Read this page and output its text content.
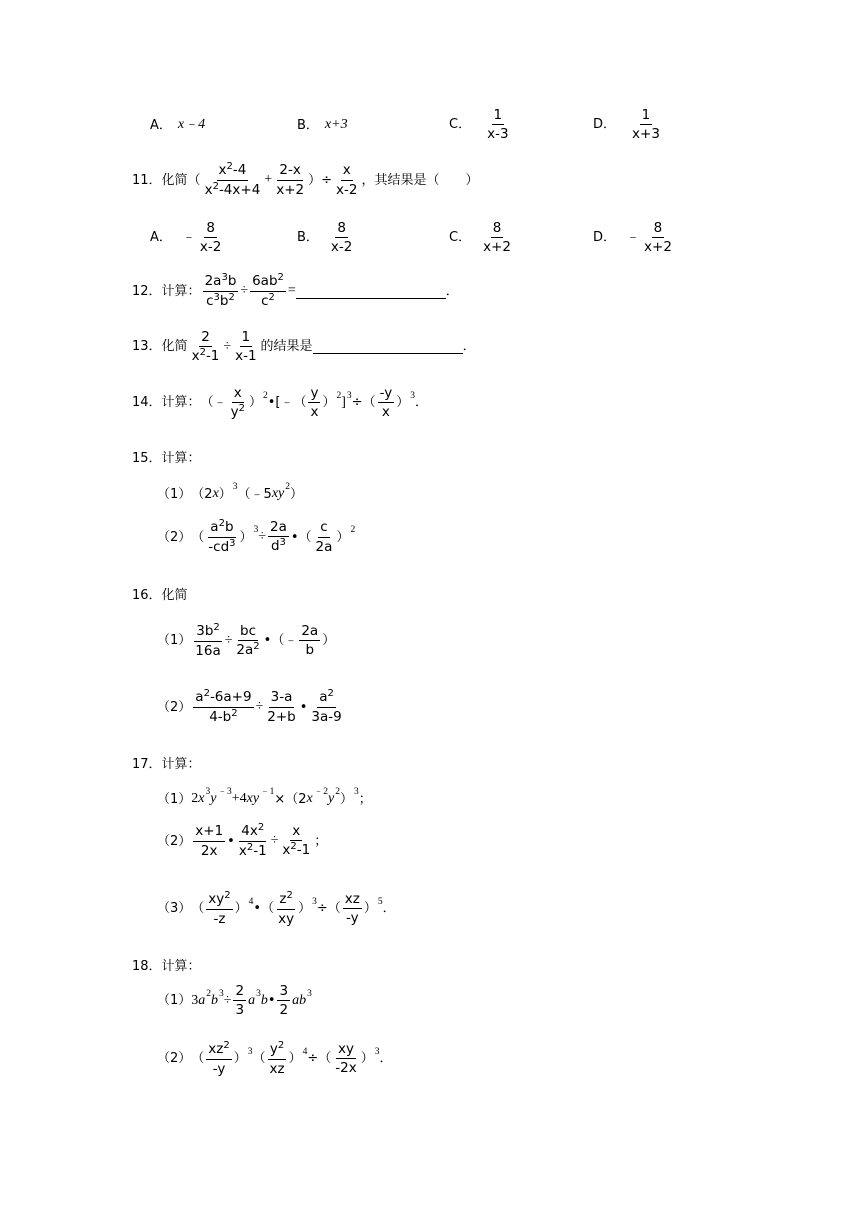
A． x﹣4	B． x+3	C． $\frac{1}{x-3}$	D． $\frac{1}{x+3}$
11． 化简（ $\frac{x^2-4}{x^2-4x+4} + \frac{2-x}{x+2}$ ）÷ $\frac{x}{x-2}$ ，其结果是（　　）
A． ﹣ $\frac{8}{x-2}$	B． $\frac{8}{x-2}$	C． $\frac{8}{x+2}$	D． ﹣ $\frac{8}{x+2}$
12． 计算： $\frac{2a^3b}{c^3b^2} \div \frac{6ab^2}{c^2}$ =	．
13． 化简 $\frac{2}{x^2-1} \div \frac{1}{x-1}$ 的结果是	．
14． 计算： （﹣ $\frac{x}{y^2}$ ） 2 •[﹣（ $\frac{y}{x}$ ） 2 ] 3 ÷（ $\frac{-y}{x}$ ） 3 ．
15． 计算：
（1） （2 x ） 3 （﹣5 xy 2 ）
（2） （ $\frac{a^2b}{-cd^3}$ ） $3 \div \frac{2a}{d^3}$ •（ $\frac{c}{2a}$ ） 2
16． 化简
$(1) \frac{3b^2}{16a} \div \frac{bc}{2a^2}$ •（﹣ $\frac{2a}{b}$ ）
$(2) \frac{a^2-6a+9}{4-b^2} \div \frac{3-a}{2+b}$ • $\frac{a^2}{3a-9}$
17． 计算：
（1） 2 x 3 y ﹣3 +4 xy ﹣1 ×（2 x ﹣2 y 2 ） 3 ；
$(2) \frac{x+1}{2x}$ • $\frac{4x^2}{x^2-1} \div \frac{x}{x^2-1}$ ；
（3） （ $\frac{xy^2}{-z}$ ） 4 •（ $\frac{z^2}{xy}$ ） 3 ÷（ $\frac{xz}{-y}$ ） 5 ．
18． 计算：
（1） 3 a 2 b $3 \div \frac{2}{3}$ a 3 b • $\frac{3}{2}$ ab 3
（2） （ $\frac{xz^2}{-y}$ ） 3 （ $\frac{y^2}{xz}$ ） 4 ÷（ $\frac{xy}{-2x}$ ） 3 ．
